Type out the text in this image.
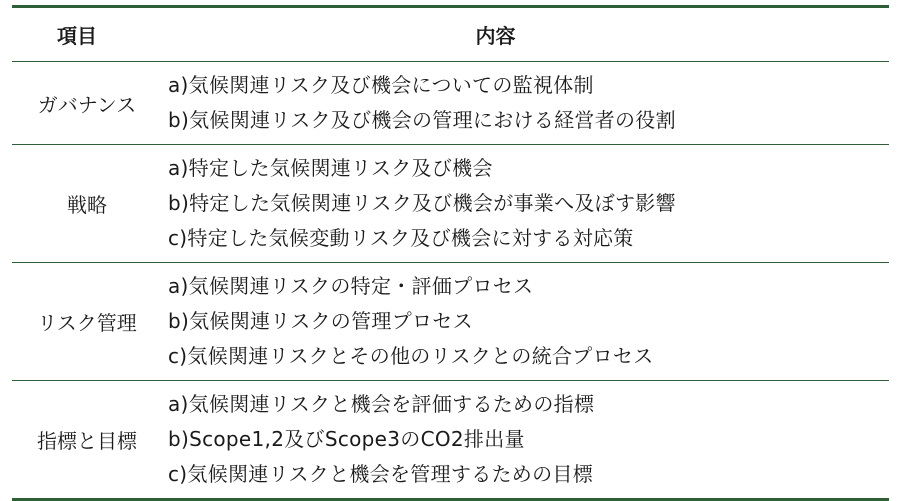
項目	内容
ガバナンス
a)気候関連リスク及び機会についての監視体制
b)気候関連リスク及び機会の管理における経営者の役割
戦略
a)特定した気候関連リスク及び機会
b)特定した気候関連リスク及び機会が事業へ及ぼす影響
c)特定した気候変動リスク及び機会に対する対応策
リスク管理
a)気候関連リスクの特定・評価プロセス
b)気候関連リスクの管理プロセス
c)気候関連リスクとその他のリスクとの統合プロセス
指標と目標
a)気候関連リスクと機会を評価するための指標
b)Scope1,2及びScope3のCO2排出量
c)気候関連リスクと機会を管理するための目標
